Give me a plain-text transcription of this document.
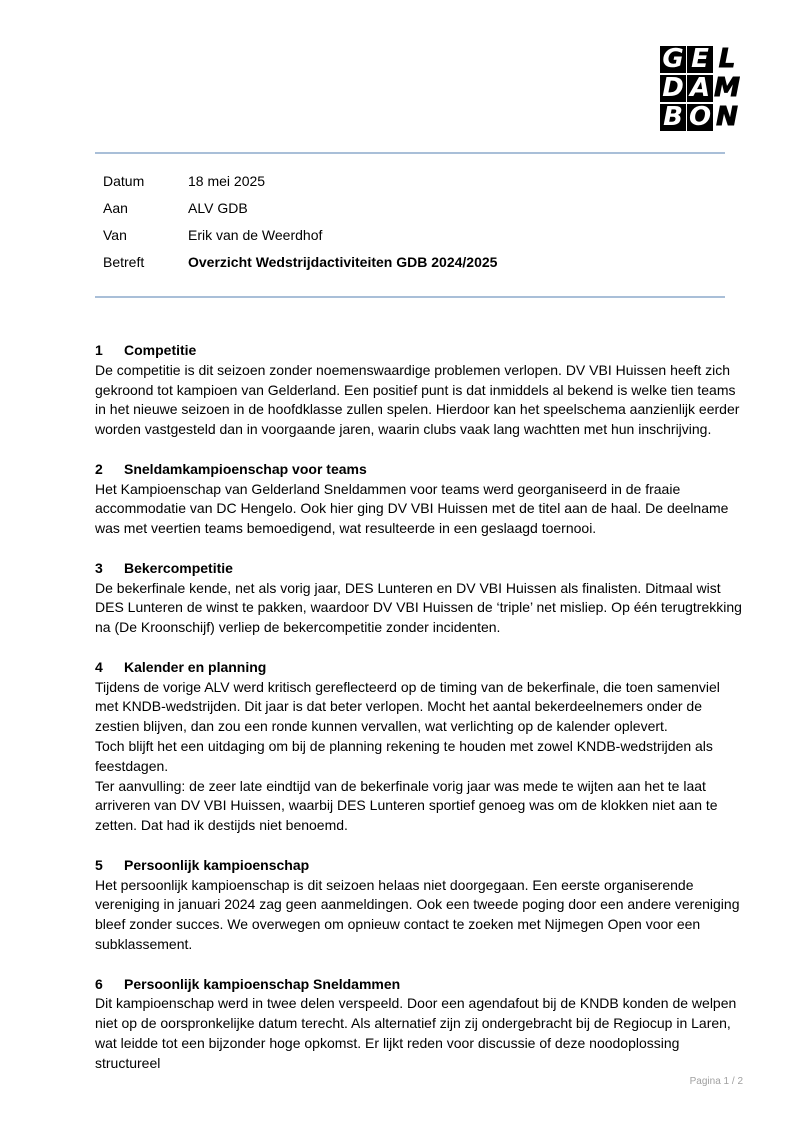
G E L
D A M
B O N
Datum	18 mei 2025
Aan	ALV GDB
Van	Erik van de Weerdhof
Betreft	Overzicht Wedstrijdactiviteiten GDB 2024/2025
1	Competitie

De competitie is dit seizoen zonder noemenswaardige problemen verlopen. DV VBI Huissen heeft zich gekroond tot kampioen van Gelderland. Een positief punt is dat inmiddels al bekend is welke tien teams in het nieuwe seizoen in de hoofdklasse zullen spelen. Hierdoor kan het speelschema aanzienlijk eerder worden vastgesteld dan in voorgaande jaren, waarin clubs vaak lang wachtten met hun inschrijving.

2	Sneldamkampioenschap voor teams

Het Kampioenschap van Gelderland Sneldammen voor teams werd georganiseerd in de fraaie accommodatie van DC Hengelo. Ook hier ging DV VBI Huissen met de titel aan de haal. De deelname was met veertien teams bemoedigend, wat resulteerde in een geslaagd toernooi.

3	Bekercompetitie

De bekerfinale kende, net als vorig jaar, DES Lunteren en DV VBI Huissen als finalisten. Ditmaal wist DES Lunteren de winst te pakken, waardoor DV VBI Huissen de ‘triple’ net misliep. Op één terugtrekking na (De Kroonschijf) verliep de bekercompetitie zonder incidenten.

4	Kalender en planning

Tijdens de vorige ALV werd kritisch gereflecteerd op de timing van de bekerfinale, die toen samenviel met KNDB-wedstrijden. Dit jaar is dat beter verlopen. Mocht het aantal bekerdeelnemers onder de zestien blijven, dan zou een ronde kunnen vervallen, wat verlichting op de kalender oplevert.

Toch blijft het een uitdaging om bij de planning rekening te houden met zowel KNDB-wedstrijden als feestdagen.

Ter aanvulling: de zeer late eindtijd van de bekerfinale vorig jaar was mede te wijten aan het te laat arriveren van DV VBI Huissen, waarbij DES Lunteren sportief genoeg was om de klokken niet aan te zetten. Dat had ik destijds niet benoemd.

5	Persoonlijk kampioenschap

Het persoonlijk kampioenschap is dit seizoen helaas niet doorgegaan. Een eerste organiserende vereniging in januari 2024 zag geen aanmeldingen. Ook een tweede poging door een andere vereniging bleef zonder succes. We overwegen om opnieuw contact te zoeken met Nijmegen Open voor een subklassement.

6	Persoonlijk kampioenschap Sneldammen

Dit kampioenschap werd in twee delen verspeeld. Door een agendafout bij de KNDB konden de welpen niet op de oorspronkelijke datum terecht. Als alternatief zijn zij ondergebracht bij de Regiocup in Laren, wat leidde tot een bijzonder hoge opkomst. Er lijkt reden voor discussie of deze noodoplossing structureel

Pagina 1 / 2
